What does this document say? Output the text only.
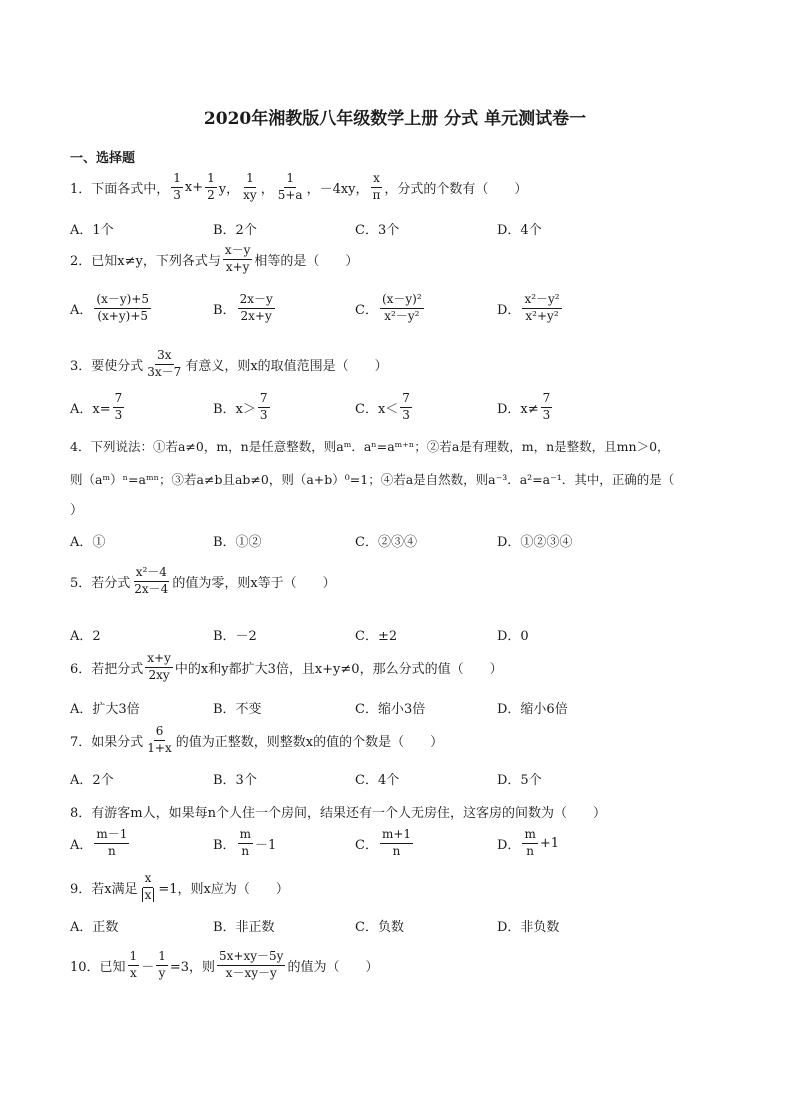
2020年湘教版八年级数学上册 分式 单元测试卷一
一、选择题
1．下面各式中， $\frac{1}{3} x+ \frac{1}{2}$ y， $\frac{1}{xy}$ ， $\frac{1}{5+a}$ ，－4xy， $\frac{x}{\pi}$ ，分式的个数有（　　）
A．1个	B．2个	C．3个	D．4个
2．已知x≠y，下列各式与 $\frac{x-y}{x+y}$ 相等的是（　　）
A． $\frac{(x-y)+5}{(x+y)+5}$	B． $\frac{2x-y}{2x+y}$	C． $\frac{\text{(x－y)²}}{\text{x²－y²}}$	D． $\frac{\text{x²－y²}}{\text{x²+y²}}$
3．要使分式 $\frac{3x}{3x-7}$ 有意义，则x的取值范围是（　　）
A．$x= \frac{7}{3}$	B．$x> \frac{7}{3}$	C．$x< \frac{7}{3}$	D．$x\ne \frac{7}{3}$
4．下列说法：①若a≠0，m，n是任意整数，则aᵐ．aⁿ=aᵐ⁺ⁿ；②若a是有理数，m，n是整数，且mn＞0，
则（aᵐ）ⁿ=aᵐⁿ；③若a≠b且ab≠0，则（a+b）⁰=1；④若a是自然数，则a⁻³．a²=a⁻¹．其中，正确的是（
）
A．①	B．①②	C．②③④	D．①②③④
5．若分式 $\frac{\text{x²－4}}{2x-4}$ 的值为零，则x等于（　　）
A．2	B．－2	C．±2	D．0
6．若把分式 $\frac{x+y}{2xy}$ 中的x和y都扩大3倍，且x+y≠0，那么分式的值（　　）
A．扩大3倍	B．不变	C．缩小3倍	D．缩小6倍
7．如果分式 $\frac{6}{1+x}$ 的值为正整数，则整数x的值的个数是（　　）
A．2个	B．3个	C．4个	D．5个
8．有游客m人，如果每n个人住一个房间，结果还有一个人无房住，这客房的间数为（　　）
A． $\frac{m-1}{n}$	B． $\frac{m}{n} -1$	C． $\frac{m+1}{n}$	D． $\frac{m}{n} +1$
9．若x满足 $\frac{x}{x} =1$，则x应为（　　）
A．正数	B．非正数	C．负数	D．非负数
10．已知 $\frac{1}{x} - \frac{1}{y} =3$，则 $\frac{5x+xy-5y}{x-xy-y}$ 的值为（　　）
